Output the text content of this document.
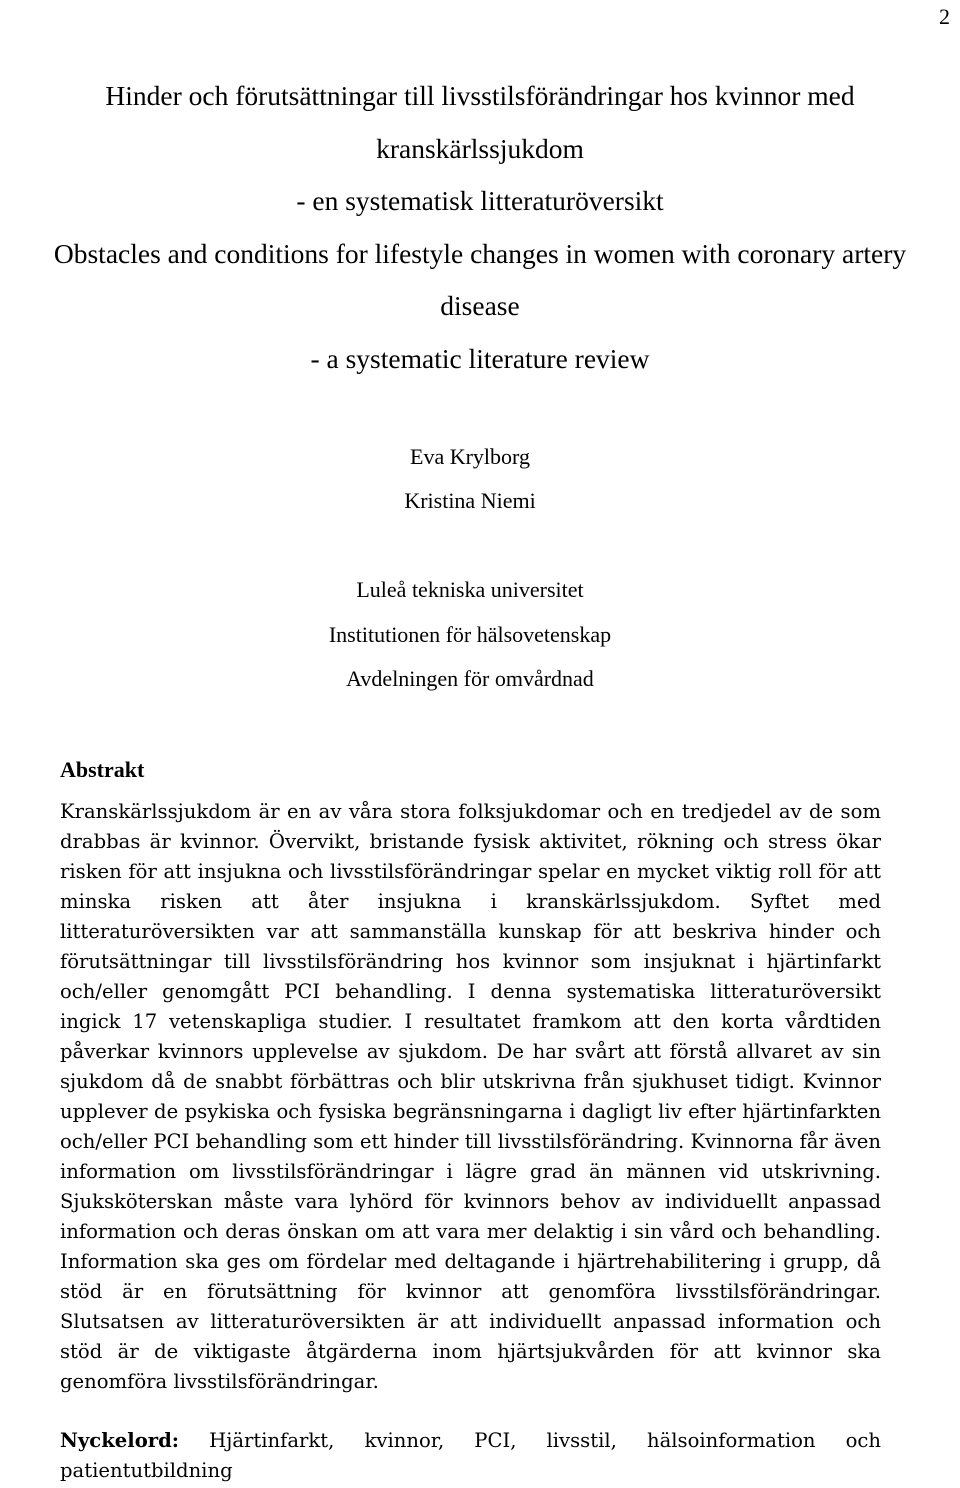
2
Hinder och förutsättningar till livsstilsförändringar hos kvinnor med
kranskärlssjukdom
- en systematisk litteraturöversikt
Obstacles and conditions for lifestyle changes in women with coronary artery
disease
- a systematic literature review
Eva Krylborg
Kristina Niemi
Luleå tekniska universitet
Institutionen för hälsovetenskap
Avdelningen för omvårdnad
Abstrakt

Kranskärlssjukdom är en av våra stora folksjukdomar och en tredjedel av de som drabbas är kvinnor. Övervikt, bristande fysisk aktivitet, rökning och stress ökar risken för att insjukna och livsstilsförändringar spelar en mycket viktig roll för att minska risken att åter insjukna i kranskärlssjukdom. Syftet med litteraturöversikten var att sammanställa kunskap för att beskriva hinder och förutsättningar till livsstilsförändring hos kvinnor som insjuknat i hjärtinfarkt och/eller genomgått PCI behandling. I denna systematiska litteraturöversikt ingick 17 vetenskapliga studier. I resultatet framkom att den korta vårdtiden påverkar kvinnors upplevelse av sjukdom. De har svårt att förstå allvaret av sin sjukdom då de snabbt förbättras och blir utskrivna från sjukhuset tidigt. Kvinnor upplever de psykiska och fysiska begränsningarna i dagligt liv efter hjärtinfarkten och/eller PCI behandling som ett hinder till livsstilsförändring. Kvinnorna får även information om livsstilsförändringar i lägre grad än männen vid utskrivning. Sjuksköterskan måste vara lyhörd för kvinnors behov av individuellt anpassad information och deras önskan om att vara mer delaktig i sin vård och behandling. Information ska ges om fördelar med deltagande i hjärtrehabilitering i grupp, då stöd är en förutsättning för kvinnor att genomföra livsstilsförändringar. Slutsatsen av litteraturöversikten är att individuellt anpassad information och stöd är de viktigaste åtgärderna inom hjärtsjukvården för att kvinnor ska genomföra livsstilsförändringar.

Nyckelord: Hjärtinfarkt, kvinnor, PCI, livsstil, hälsoinformation och patientutbildning
